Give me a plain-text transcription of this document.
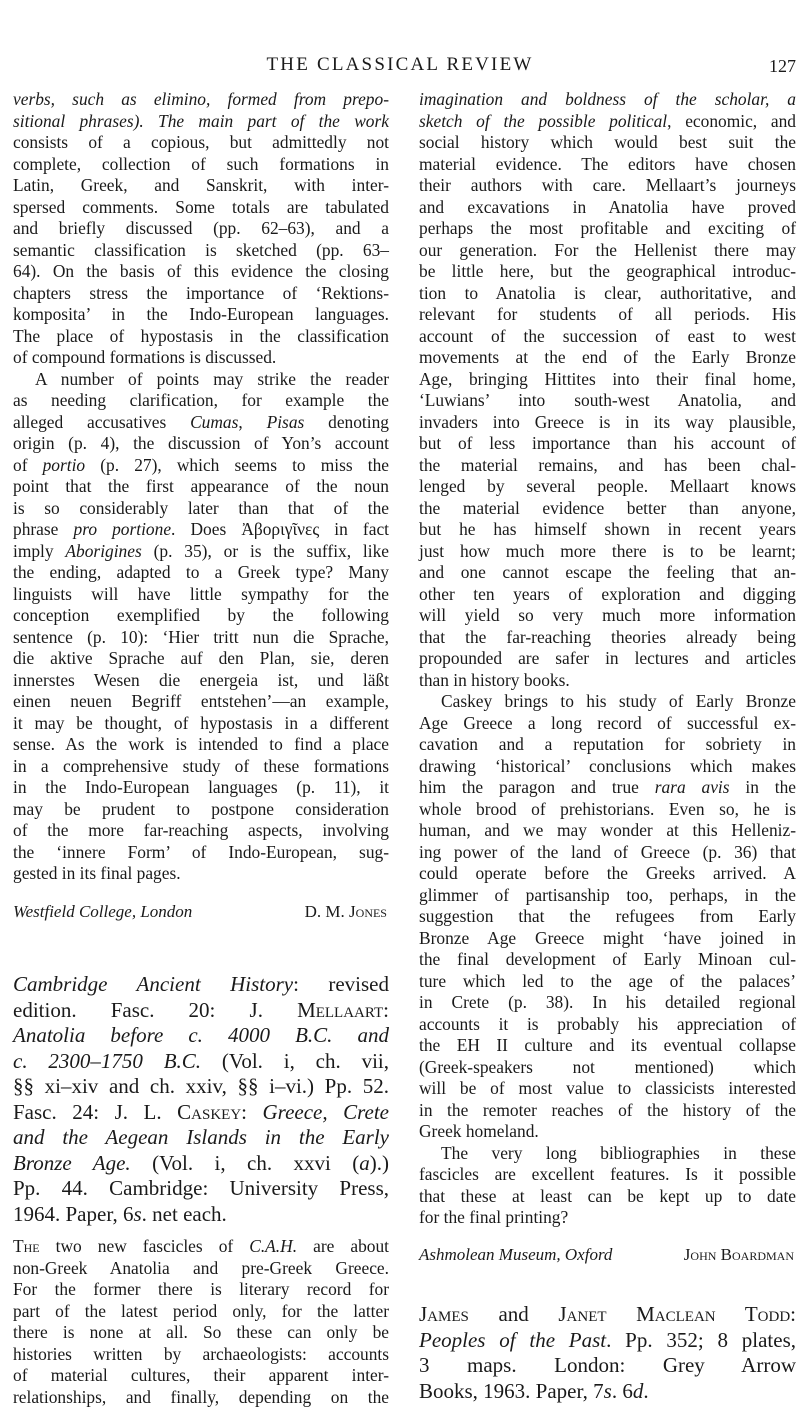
THE CLASSICAL REVIEW	127
verbs, such as elimino, formed from prepo-
sitional phrases). The main part of the work
consists of a copious, but admittedly not
complete, collection of such formations in
Latin, Greek, and Sanskrit, with inter-
spersed comments. Some totals are tabulated
and briefly discussed (pp. 62–63), and a
semantic classification is sketched (pp. 63–
64). On the basis of this evidence the closing
chapters stress the importance of ‘Rektions-
komposita’ in the Indo-European languages.
The place of hypostasis in the classification
of compound formations is discussed.
A number of points may strike the reader
as needing clarification, for example the
alleged accusatives Cumas, Pisas denoting
origin (p. 4), the discussion of Yon’s account
of portio (p. 27), which seems to miss the
point that the first appearance of the noun
is so considerably later than that of the
phrase pro portione. Does Ἀβοριγῖνες in fact
imply Aborigines (p. 35), or is the suffix, like
the ending, adapted to a Greek type? Many
linguists will have little sympathy for the
conception exemplified by the following
sentence (p. 10): ‘Hier tritt nun die Sprache,
die aktive Sprache auf den Plan, sie, deren
innerstes Wesen die energeia ist, und läßt
einen neuen Begriff entstehen’—an example,
it may be thought, of hypostasis in a different
sense. As the work is intended to find a place
in a comprehensive study of these formations
in the Indo-European languages (p. 11), it
may be prudent to postpone consideration
of the more far-reaching aspects, involving
the ‘innere Form’ of Indo-European, sug-
gested in its final pages.
Westfield College, London	D. M. Jones
Cambridge Ancient History: revised
edition. Fasc. 20: J. Mellaart:
Anatolia before c. 4000 B.C. and
c. 2300–1750 B.C. (Vol. i, ch. vii,
§§ xi–xiv and ch. xxiv, §§ i–vi.) Pp. 52.
Fasc. 24: J. L. Caskey: Greece, Crete
and the Aegean Islands in the Early
Bronze Age. (Vol. i, ch. xxvi (a).)
Pp. 44. Cambridge: University Press,
1964. Paper, 6s. net each.
The two new fascicles of C.A.H. are about
non-Greek Anatolia and pre-Greek Greece.
For the former there is literary record for
part of the latest period only, for the latter
there is none at all. So these can only be
histories written by archaeologists: accounts
of material cultures, their apparent inter-
relationships, and finally, depending on the
imagination and boldness of the scholar, a
sketch of the possible political, economic, and
social history which would best suit the
material evidence. The editors have chosen
their authors with care. Mellaart’s journeys
and excavations in Anatolia have proved
perhaps the most profitable and exciting of
our generation. For the Hellenist there may
be little here, but the geographical introduc-
tion to Anatolia is clear, authoritative, and
relevant for students of all periods. His
account of the succession of east to west
movements at the end of the Early Bronze
Age, bringing Hittites into their final home,
‘Luwians’ into south-west Anatolia, and
invaders into Greece is in its way plausible,
but of less importance than his account of
the material remains, and has been chal-
lenged by several people. Mellaart knows
the material evidence better than anyone,
but he has himself shown in recent years
just how much more there is to be learnt;
and one cannot escape the feeling that an-
other ten years of exploration and digging
will yield so very much more information
that the far-reaching theories already being
propounded are safer in lectures and articles
than in history books.
Caskey brings to his study of Early Bronze
Age Greece a long record of successful ex-
cavation and a reputation for sobriety in
drawing ‘historical’ conclusions which makes
him the paragon and true rara avis in the
whole brood of prehistorians. Even so, he is
human, and we may wonder at this Helleniz-
ing power of the land of Greece (p. 36) that
could operate before the Greeks arrived. A
glimmer of partisanship too, perhaps, in the
suggestion that the refugees from Early
Bronze Age Greece might ‘have joined in
the final development of Early Minoan cul-
ture which led to the age of the palaces’
in Crete (p. 38). In his detailed regional
accounts it is probably his appreciation of
the EH II culture and its eventual collapse
(Greek-speakers not mentioned) which
will be of most value to classicists interested
in the remoter reaches of the history of the
Greek homeland.
The very long bibliographies in these
fascicles are excellent features. Is it possible
that these at least can be kept up to date
for the final printing?
Ashmolean Museum, Oxford	John Boardman
James and Janet Maclean Todd:
Peoples of the Past. Pp. 352; 8 plates,
3 maps. London: Grey Arrow
Books, 1963. Paper, 7s. 6d.
